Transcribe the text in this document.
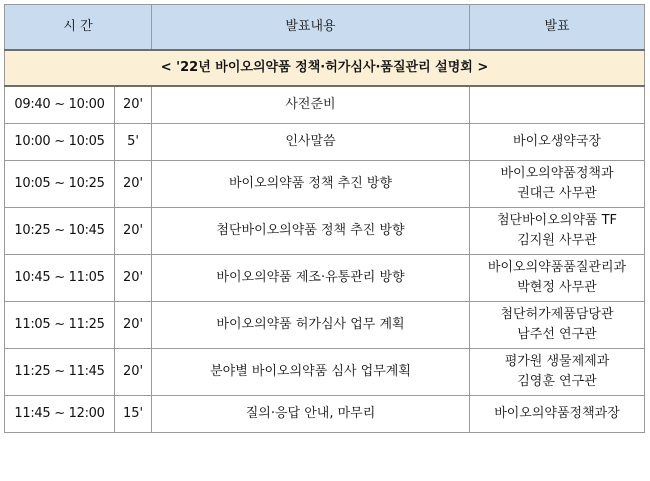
시 간		발표내용	발표
< '22년 바이오의약품 정책·허가심사·품질관리 설명회 >			
09:40 ~ 10:00	20'	사전준비	

10:00 ~ 10:05	5'	인사말씀	바이오생약국장

10:05 ~ 10:25	20'	바이오의약품 정책 추진 방향	바이오의약품정책과
권대근 사무관

10:25 ~ 10:45	20'	첨단바이오의약품 정책 추진 방향	첨단바이오의약품 TF
김지원 사무관

10:45 ~ 11:05	20'	바이오의약품 제조·유통관리 방향	바이오의약품품질관리과
박현정 사무관

11:05 ~ 11:25	20'	바이오의약품 허가심사 업무 계획	첨단허가제품담당관
남주선 연구관

11:25 ~ 11:45	20'	분야별 바이오의약품 심사 업무계획	평가원 생물제제과
김영훈 연구관

11:45 ~ 12:00	15'	질의·응답 안내, 마무리	바이오의약품정책과장
